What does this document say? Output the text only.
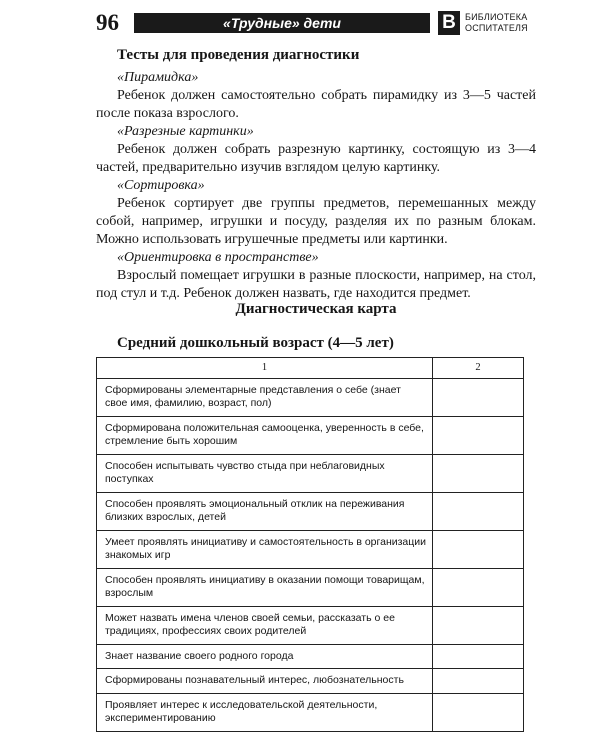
96	«Трудные» дети	В	БИБЛИОТЕКА
ОСПИТАТЕЛЯ
Тесты для проведения диагностики
«Пирамидка»

Ребенок должен самостоятельно собрать пирамидку из 3—5 частей после показа взрослого.

«Разрезные картинки»

Ребенок должен собрать разрезную картинку, состоящую из 3—4 частей, предварительно изучив взглядом целую картинку.

«Сортировка»

Ребенок сортирует две группы предметов, перемешанных между собой, например, игрушки и посуду, разделяя их по разным блокам. Можно использовать игрушечные предметы или картинки.

«Ориентировка в пространстве»

Взрослый помещает игрушки в разные плоскости, например, на стол, под стул и т.д. Ребенок должен назвать, где находится предмет.

Диагностическая карта
Средний дошкольный возраст (4—5 лет)
1	2
Сформированы элементарные представления о себе (знает свое имя, фамилию, возраст, пол)	
Сформирована положительная самооценка, уверенность в себе, стремление быть хорошим	
Способен испытывать чувство стыда при неблаговидных поступках	
Способен проявлять эмоциональный отклик на переживания близких взрослых, детей	
Умеет проявлять инициативу и самостоятельность в организации знакомых игр	
Способен проявлять инициативу в оказании помощи товарищам, взрослым	
Может назвать имена членов своей семьи, рассказать о ее традициях, профессиях своих родителей	
Знает название своего родного города	
Сформированы познавательный интерес, любознательность	
Проявляет интерес к исследовательской деятельности, экспериментированию	
